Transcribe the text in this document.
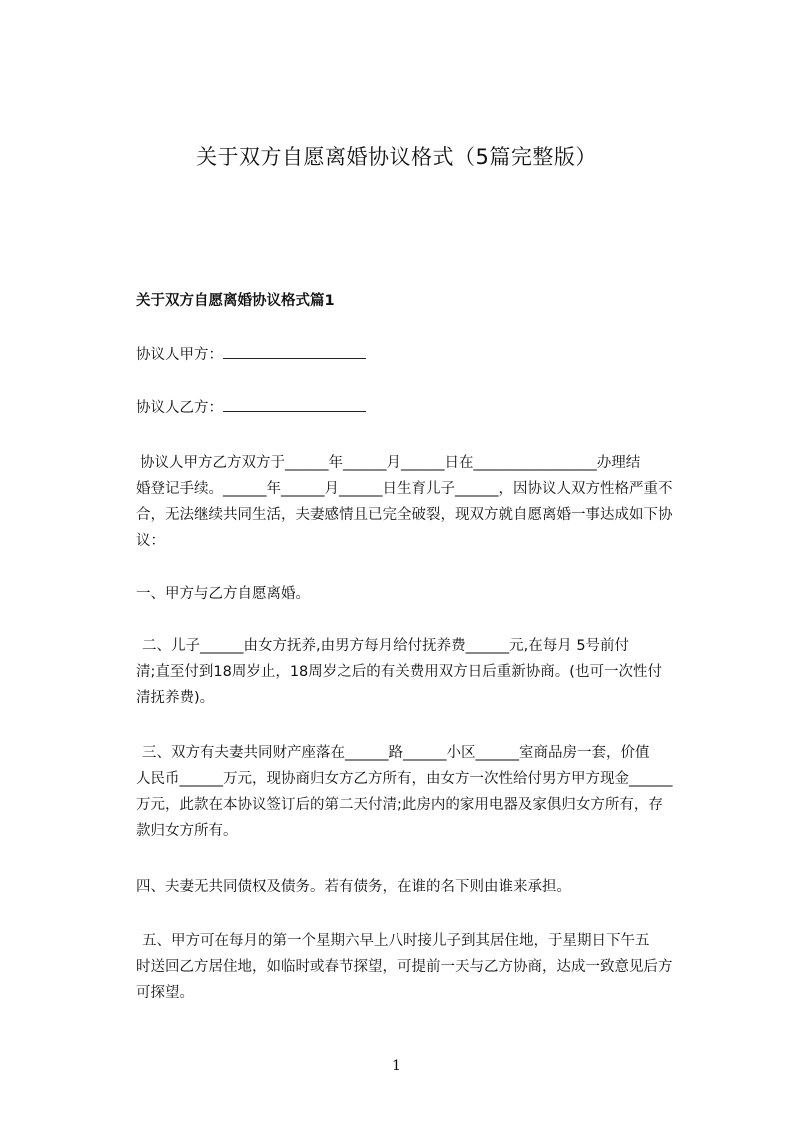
关于双方自愿离婚协议格式（5篇完整版）
关于双方自愿离婚协议格式篇1
协议人甲方：
协议人乙方：
协议人甲方乙方双方于______年______月______日在_________________办理结
婚登记手续。______年______月______日生育儿子______，因协议人双方性格严重不
合，无法继续共同生活，夫妻感情且已完全破裂，现双方就自愿离婚一事达成如下协
议：
一、甲方与乙方自愿离婚。
二、儿子______由女方抚养,由男方每月给付抚养费______元,在每月 5号前付
清;直至付到18周岁止，18周岁之后的有关费用双方日后重新协商。(也可一次性付
清抚养费)。
三、双方有夫妻共同财产座落在______路______小区______室商品房一套，价值
人民币______万元，现协商归女方乙方所有，由女方一次性给付男方甲方现金______
万元，此款在本协议签订后的第二天付清;此房内的家用电器及家俱归女方所有，存
款归女方所有。
四、夫妻无共同债权及债务。若有债务，在谁的名下则由谁来承担。
五、甲方可在每月的第一个星期六早上八时接儿子到其居住地，于星期日下午五
时送回乙方居住地，如临时或春节探望，可提前一天与乙方协商，达成一致意见后方
可探望。
1
